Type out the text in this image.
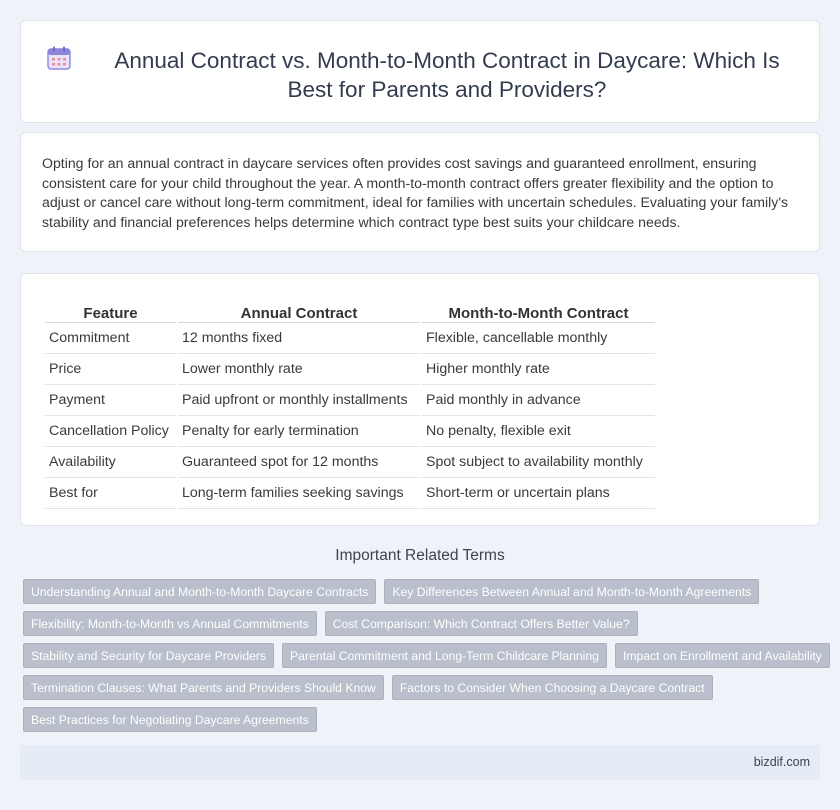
Annual Contract vs. Month-to-Month Contract in Daycare: Which Is
Best for Parents and Providers?

Opting for an annual contract in daycare services often provides cost savings and guaranteed enrollment, ensuring consistent care for your child throughout the year. A month-to-month contract offers greater flexibility and the option to adjust or cancel care without long-term commitment, ideal for families with uncertain schedules. Evaluating your family's stability and financial preferences helps determine which contract type best suits your childcare needs.

Feature	Annual Contract	Month-to-Month Contract
Commitment	12 months fixed	Flexible, cancellable monthly
Price	Lower monthly rate	Higher monthly rate
Payment	Paid upfront or monthly installments	Paid monthly in advance
Cancellation Policy	Penalty for early termination	No penalty, flexible exit
Availability	Guaranteed spot for 12 months	Spot subject to availability monthly
Best for	Long-term families seeking savings	Short-term or uncertain plans
Important Related Terms
Understanding Annual and Month-to-Month Daycare Contracts	Key Differences Between Annual and Month-to-Month Agreements
Flexibility: Month-to-Month vs Annual Commitments	Cost Comparison: Which Contract Offers Better Value?
Stability and Security for Daycare Providers	Parental Commitment and Long-Term Childcare Planning	Impact on Enrollment and Availability
Termination Clauses: What Parents and Providers Should Know	Factors to Consider When Choosing a Daycare Contract
Best Practices for Negotiating Daycare Agreements
bizdif.com
